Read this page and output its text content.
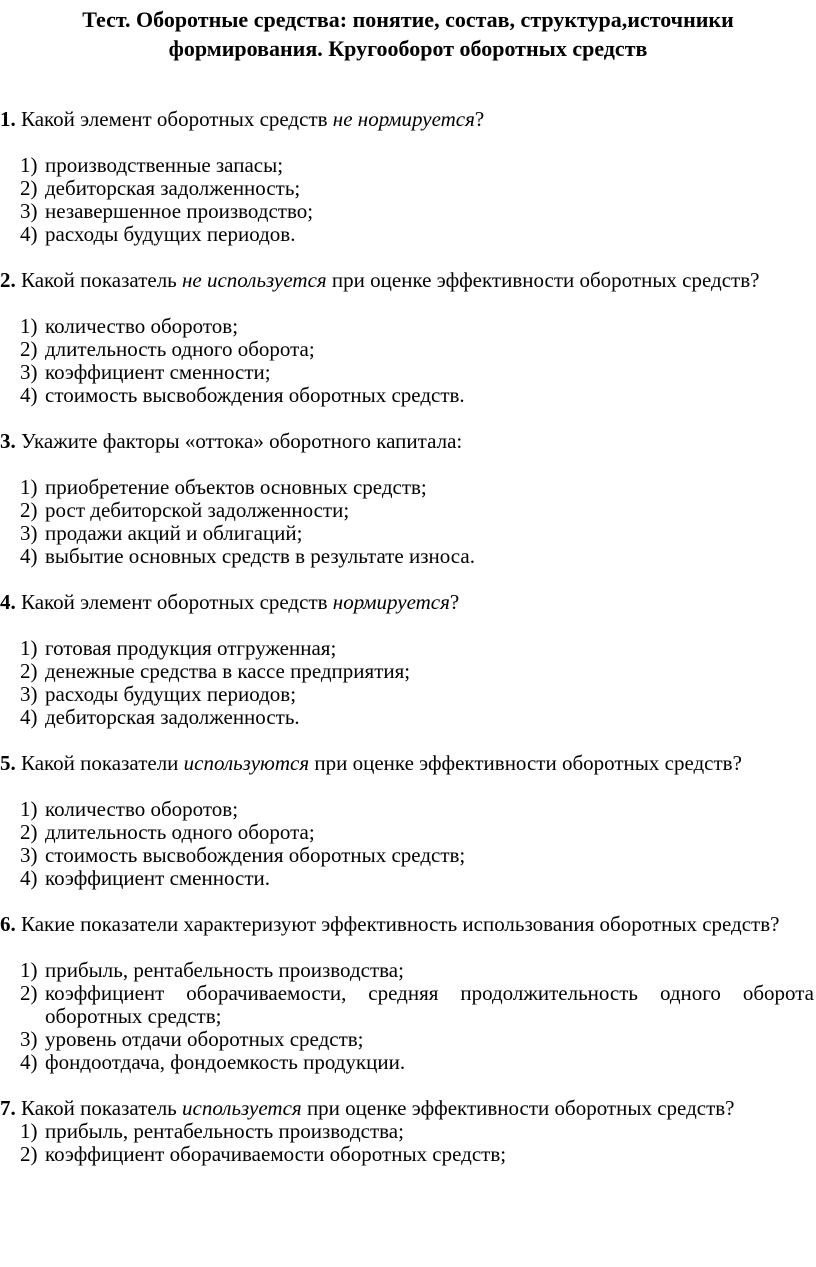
Тест. Оборотные средства: понятие, состав, структура,источники
формирования. Кругооборот оборотных средств

1. Какой элемент оборотных средств не нормируется?

1) производственные запасы;

2) дебиторская задолженность;

3) незавершенное производство;

4) расходы будущих периодов.

2. Какой показатель не используется при оценке эффективности оборотных средств?

1) количество оборотов;

2) длительность одного оборота;

3) коэффициент сменности;

4) стоимость высвобождения оборотных средств.

3. Укажите факторы «оттока» оборотного капитала:

1) приобретение объектов основных средств;

2) рост дебиторской задолженности;

3) продажи акций и облигаций;

4) выбытие основных средств в результате износа.

4. Какой элемент оборотных средств нормируется?

1) готовая продукция отгруженная;

2) денежные средства в кассе предприятия;

3) расходы будущих периодов;

4) дебиторская задолженность.

5. Какой показатели используются при оценке эффективности оборотных средств?

1) количество оборотов;

2) длительность одного оборота;

3) стоимость высвобождения оборотных средств;

4) коэффициент сменности.

6. Какие показатели характеризуют эффективность использования оборотных средств?

1) прибыль, рентабельность производства;

2) коэффициент оборачиваемости, средняя продолжительность одного оборота оборотных средств;

3) уровень отдачи оборотных средств;

4) фондоотдача, фондоемкость продукции.

7. Какой показатель используется при оценке эффективности оборотных средств?

1) прибыль, рентабельность производства;

2) коэффициент оборачиваемости оборотных средств;
